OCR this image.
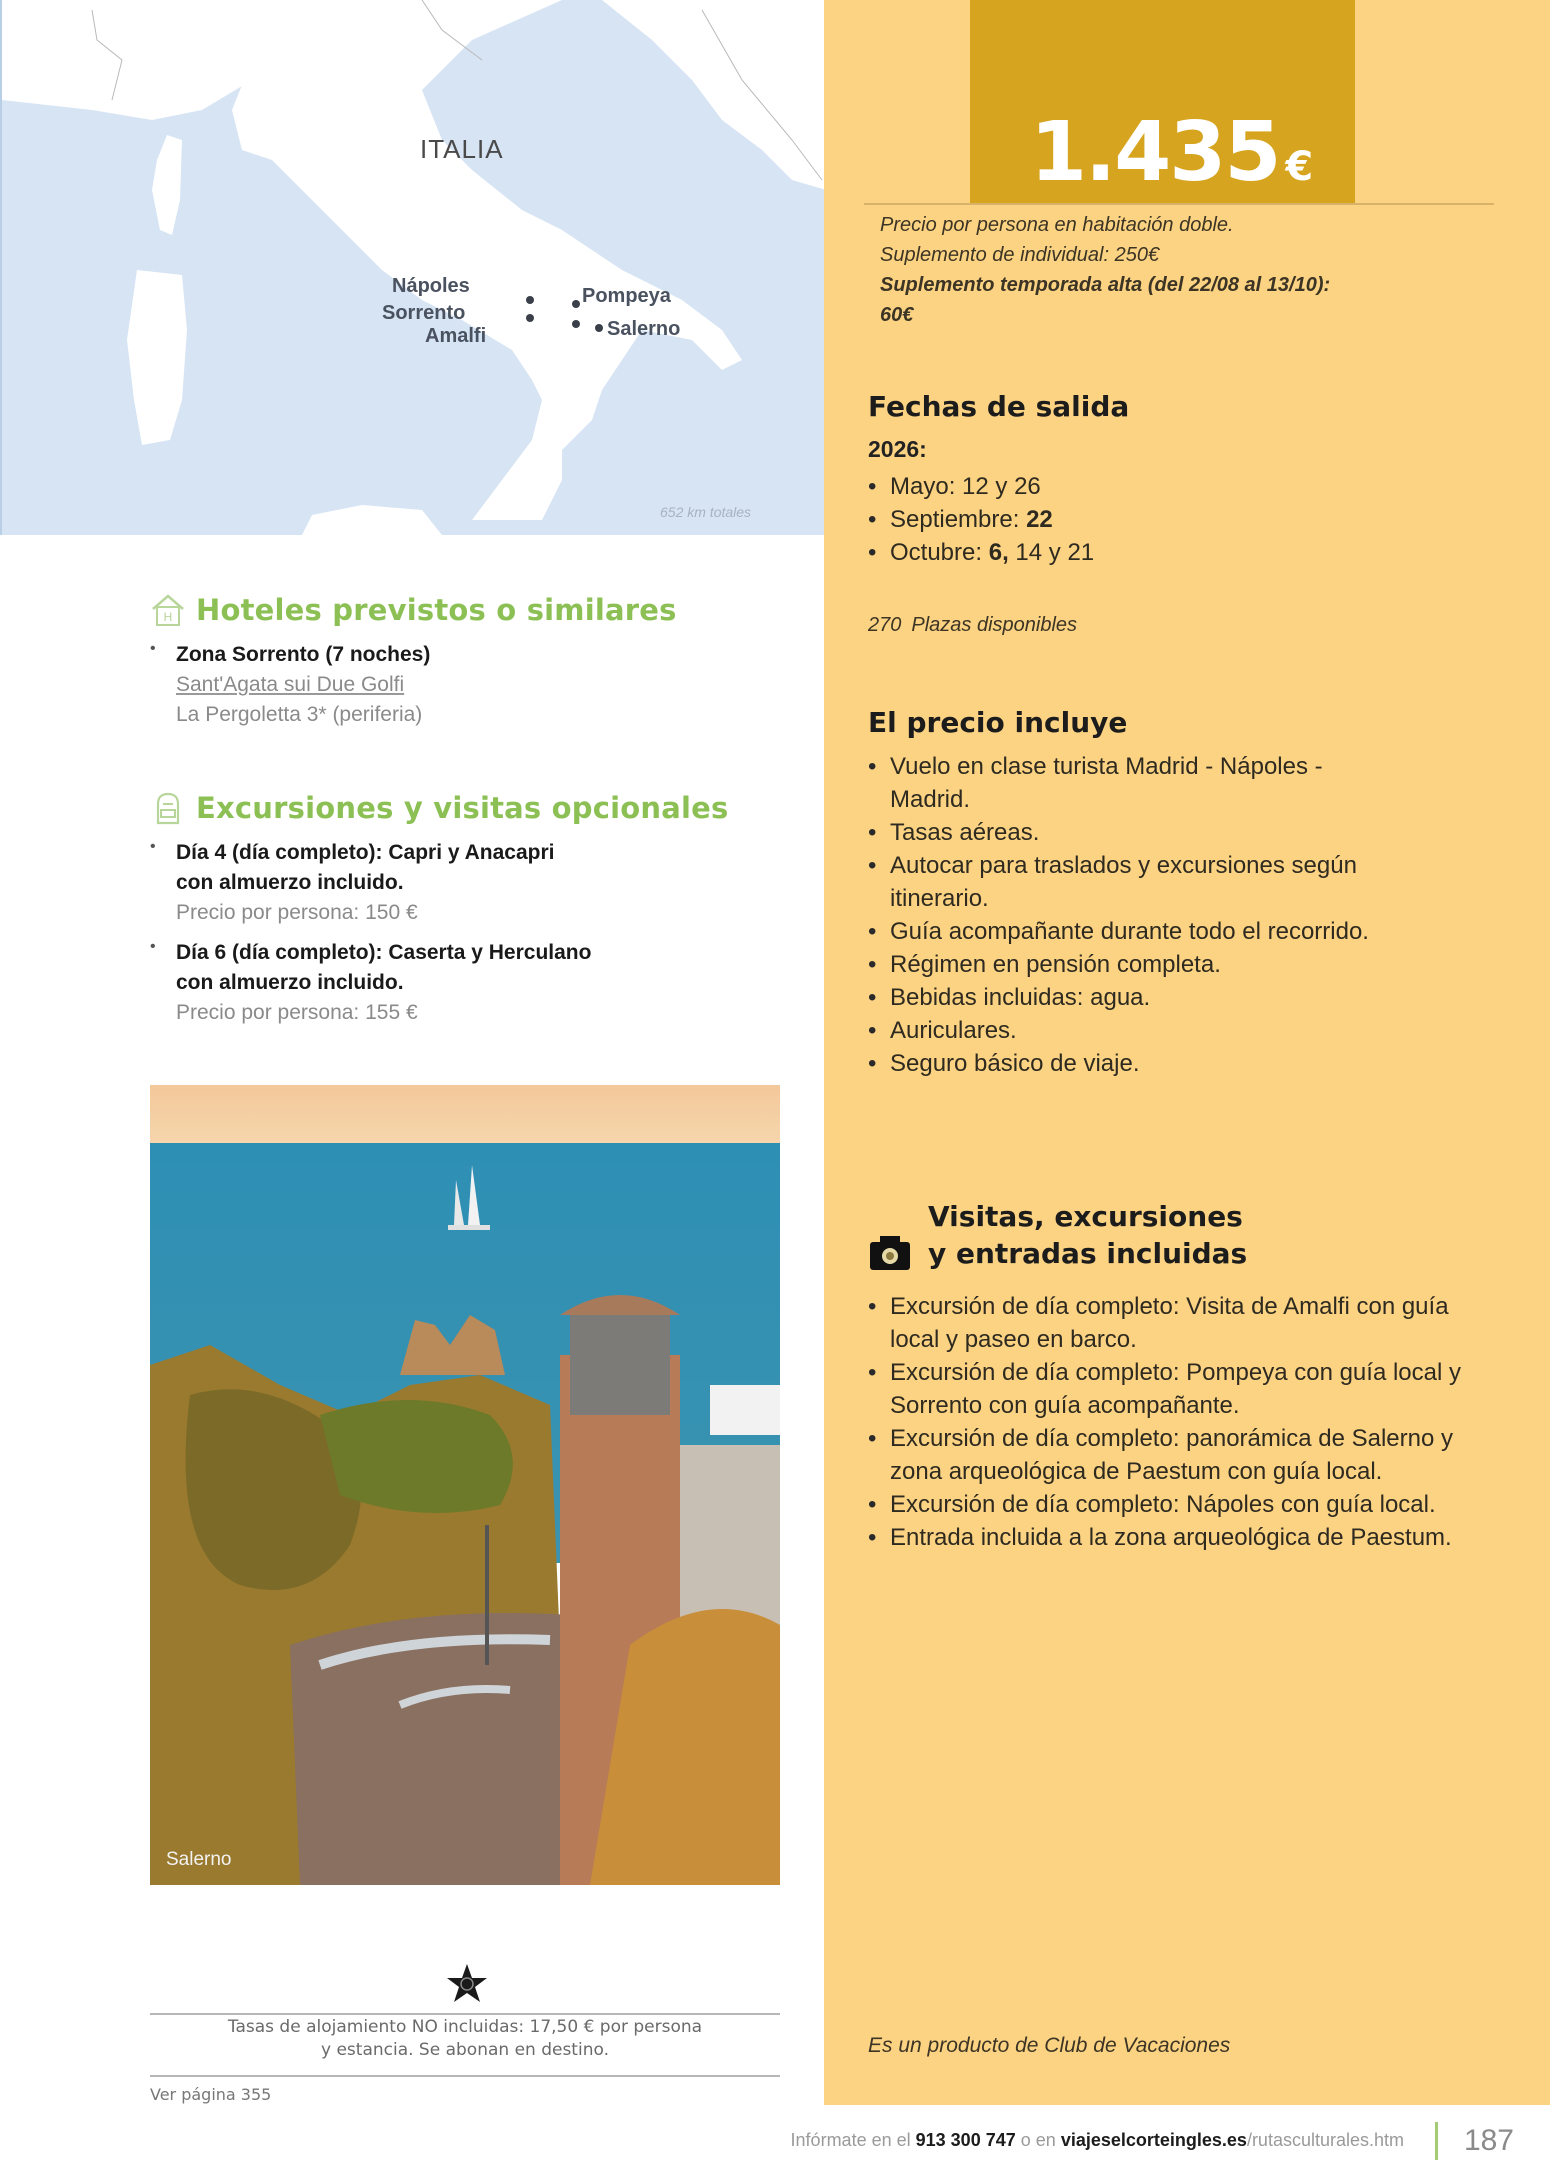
ITALIA
Nápoles	Pompeya
Sorrento
Amalfi	Salerno
652 km totales
H Hoteles previstos o similares
• Zona Sorrento (7 noches)
Sant'Agata sui Due Golfi
La Pergoletta 3* (periferia)
Excursiones y visitas opcionales
• Día 4 (día completo): Capri y Anacapri
con almuerzo incluido.
Precio por persona: 150 €
• Día 6 (día completo): Caserta y Herculano
con almuerzo incluido.
Precio por persona: 155 €
Salerno
Tasas de alojamiento NO incluidas: 17,50 € por persona
y estancia. Se abonan en destino.
Ver página 355
1.435 €
Precio por persona en habitación doble.
Suplemento de individual: 250€
Suplemento temporada alta (del 22/08 al 13/10):
60€
Fechas de salida
2026:
• Mayo: 12 y 26
• Septiembre: 22
• Octubre: 6, 14 y 21
270 Plazas disponibles
El precio incluye
• Vuelo en clase turista Madrid - Nápoles - Madrid.
• Tasas aéreas.
• Autocar para traslados y excursiones según itinerario.
• Guía acompañante durante todo el recorrido.
• Régimen en pensión completa.
• Bebidas incluidas: agua.
• Auriculares.
• Seguro básico de viaje.
Visitas, excursiones
y entradas incluidas
• Excursión de día completo: Visita de Amalfi con guía local y paseo en barco.
• Excursión de día completo: Pompeya con guía local y Sorrento con guía acompañante.
• Excursión de día completo: panorámica de Salerno y zona arqueológica de Paestum con guía local.
• Excursión de día completo: Nápoles con guía local.
• Entrada incluida a la zona arqueológica de Paestum.
Es un producto de Club de Vacaciones
Infórmate en el 913 300 747 o en viajeselcorteingles.es/rutasculturales.htm 187
